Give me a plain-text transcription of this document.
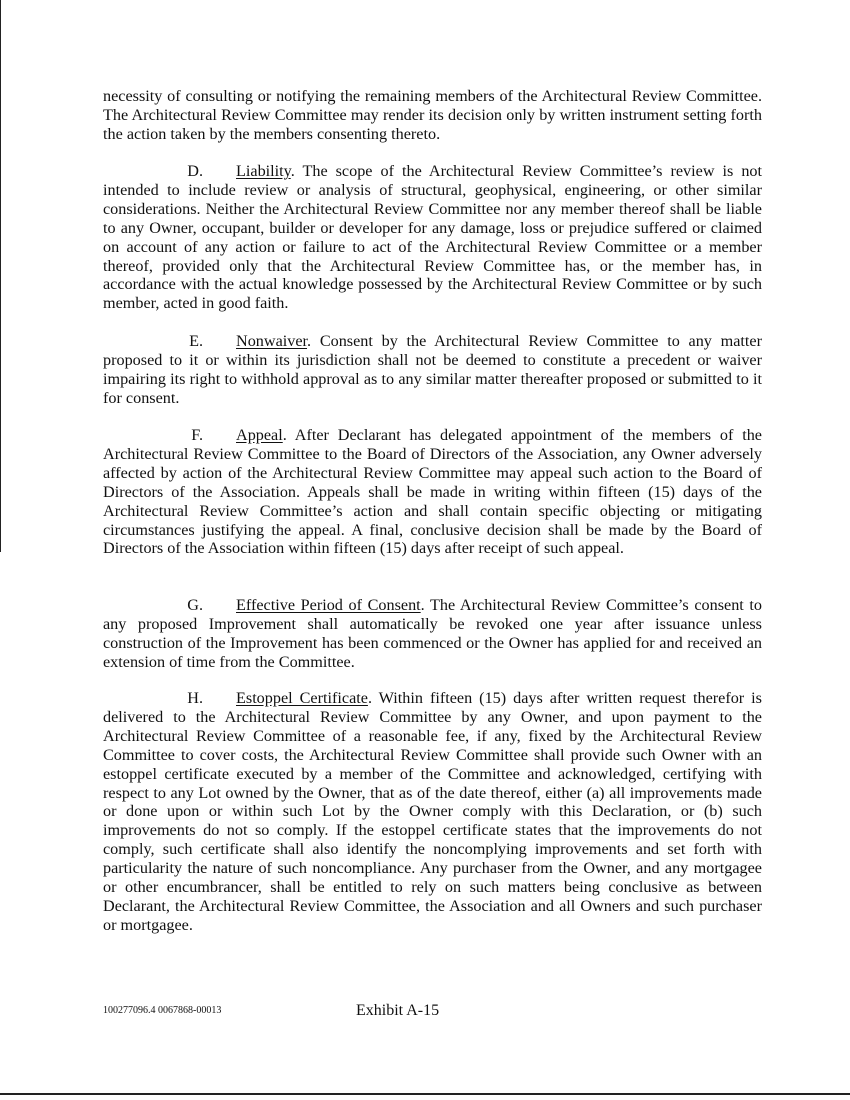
necessity of consulting or notifying the remaining members of the Architectural Review Committee. The Architectural Review Committee may render its decision only by written instrument setting forth the action taken by the members consenting thereto.

D. Liability. The scope of the Architectural Review Committee’s review is not intended to include review or analysis of structural, geophysical, engineering, or other similar considerations. Neither the Architectural Review Committee nor any member thereof shall be liable to any Owner, occupant, builder or developer for any damage, loss or prejudice suffered or claimed on account of any action or failure to act of the Architectural Review Committee or a member thereof, provided only that the Architectural Review Committee has, or the member has, in accordance with the actual knowledge possessed by the Architectural Review Committee or by such member, acted in good faith.

E. Nonwaiver. Consent by the Architectural Review Committee to any matter proposed to it or within its jurisdiction shall not be deemed to constitute a precedent or waiver impairing its right to withhold approval as to any similar matter thereafter proposed or submitted to it for consent.

F. Appeal. After Declarant has delegated appointment of the members of the Architectural Review Committee to the Board of Directors of the Association, any Owner adversely affected by action of the Architectural Review Committee may appeal such action to the Board of Directors of the Association. Appeals shall be made in writing within fifteen (15) days of the Architectural Review Committee’s action and shall contain specific objecting or mitigating circumstances justifying the appeal. A final, conclusive decision shall be made by the Board of Directors of the Association within fifteen (15) days after receipt of such appeal.

G. Effective Period of Consent. The Architectural Review Committee’s consent to any proposed Improvement shall automatically be revoked one year after issuance unless construction of the Improvement has been commenced or the Owner has applied for and received an extension of time from the Committee.

H. Estoppel Certificate. Within fifteen (15) days after written request therefor is delivered to the Architectural Review Committee by any Owner, and upon payment to the Architectural Review Committee of a reasonable fee, if any, fixed by the Architectural Review Committee to cover costs, the Architectural Review Committee shall provide such Owner with an estoppel certificate executed by a member of the Committee and acknowledged, certifying with respect to any Lot owned by the Owner, that as of the date thereof, either (a) all improvements made or done upon or within such Lot by the Owner comply with this Declaration, or (b) such improvements do not so comply. If the estoppel certificate states that the improvements do not comply, such certificate shall also identify the noncomplying improvements and set forth with particularity the nature of such noncompliance. Any purchaser from the Owner, and any mortgagee or other encumbrancer, shall be entitled to rely on such matters being conclusive as between Declarant, the Architectural Review Committee, the Association and all Owners and such purchaser or mortgagee.

100277096.4 0067868-00013	Exhibit A-15
